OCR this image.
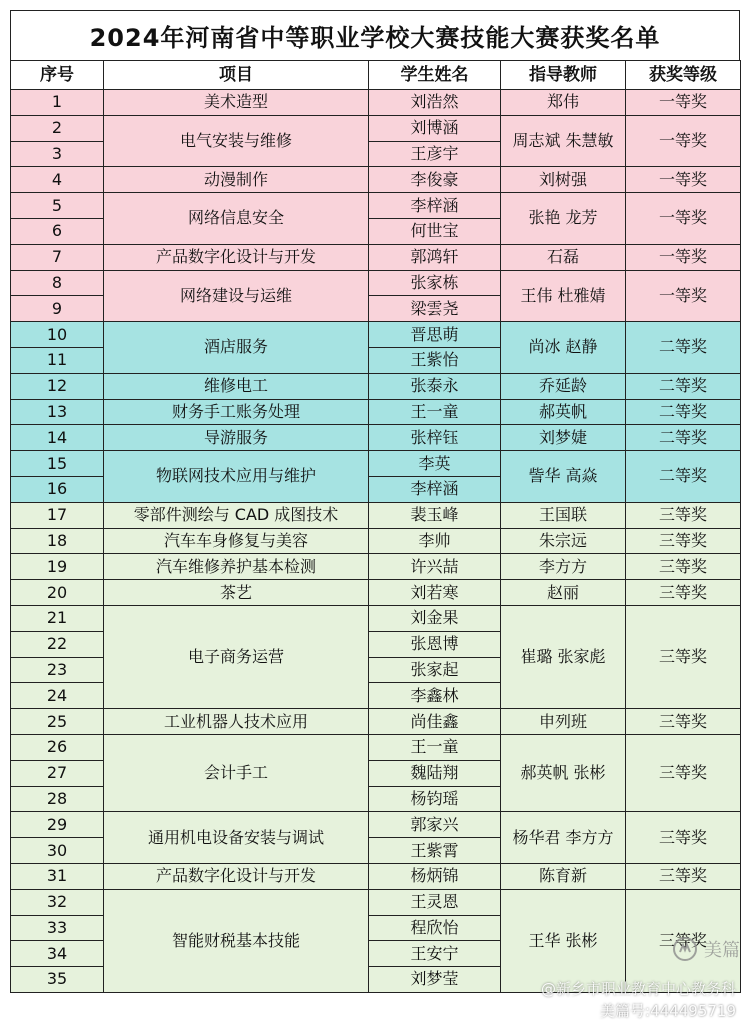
2024年河南省中等职业学校大赛技能大赛获奖名单
序号	项目	学生姓名	指导教师	获奖等级
1	美术造型	刘浩然	郑伟	一等奖
2	电气安装与维修	刘博涵	周志斌 朱慧敏	一等奖
3		王彦宇		
4	动漫制作	李俊豪	刘树强	一等奖
5	网络信息安全	李梓涵	张艳 龙芳	一等奖
6		何世宝		
7	产品数字化设计与开发	郭鸿轩	石磊	一等奖
8	网络建设与运维	张家栋	王伟 杜雅婧	一等奖
9		梁雲尧		
10	酒店服务	晋思萌	尚冰 赵静	二等奖
11		王紫怡		
12	维修电工	张泰永	乔延龄	二等奖
13	财务手工账务处理	王一童	郝英帆	二等奖
14	导游服务	张梓钰	刘梦婕	二等奖
15	物联网技术应用与维护	李英	訾华 高焱	二等奖
16		李梓涵		
17	零部件测绘与 CAD 成图技术	裴玉峰	王国联	三等奖
18	汽车车身修复与美容	李帅	朱宗远	三等奖
19	汽车维修养护基本检测	许兴喆	李方方	三等奖
20	茶艺	刘若寒	赵丽	三等奖
21	电子商务运营	刘金果	崔璐 张家彪	三等奖
22		张恩博		
23		张家起		
24		李鑫林		
25	工业机器人技术应用	尚佳鑫	申列班	三等奖
26	会计手工	王一童	郝英帆 张彬	三等奖
27		魏陆翔		
28		杨钧瑶		
29	通用机电设备安装与调试	郭家兴	杨华君 李方方	三等奖
30		王紫霄		
31	产品数字化设计与开发	杨炳锦	陈育新	三等奖
32	智能财税基本技能	王灵恩	王华 张彬	三等奖
33		程欣怡		
34		王安宁		
35		刘梦莹		
美篇
@新乡市职业教育中心教务科
美篇号:444495719
